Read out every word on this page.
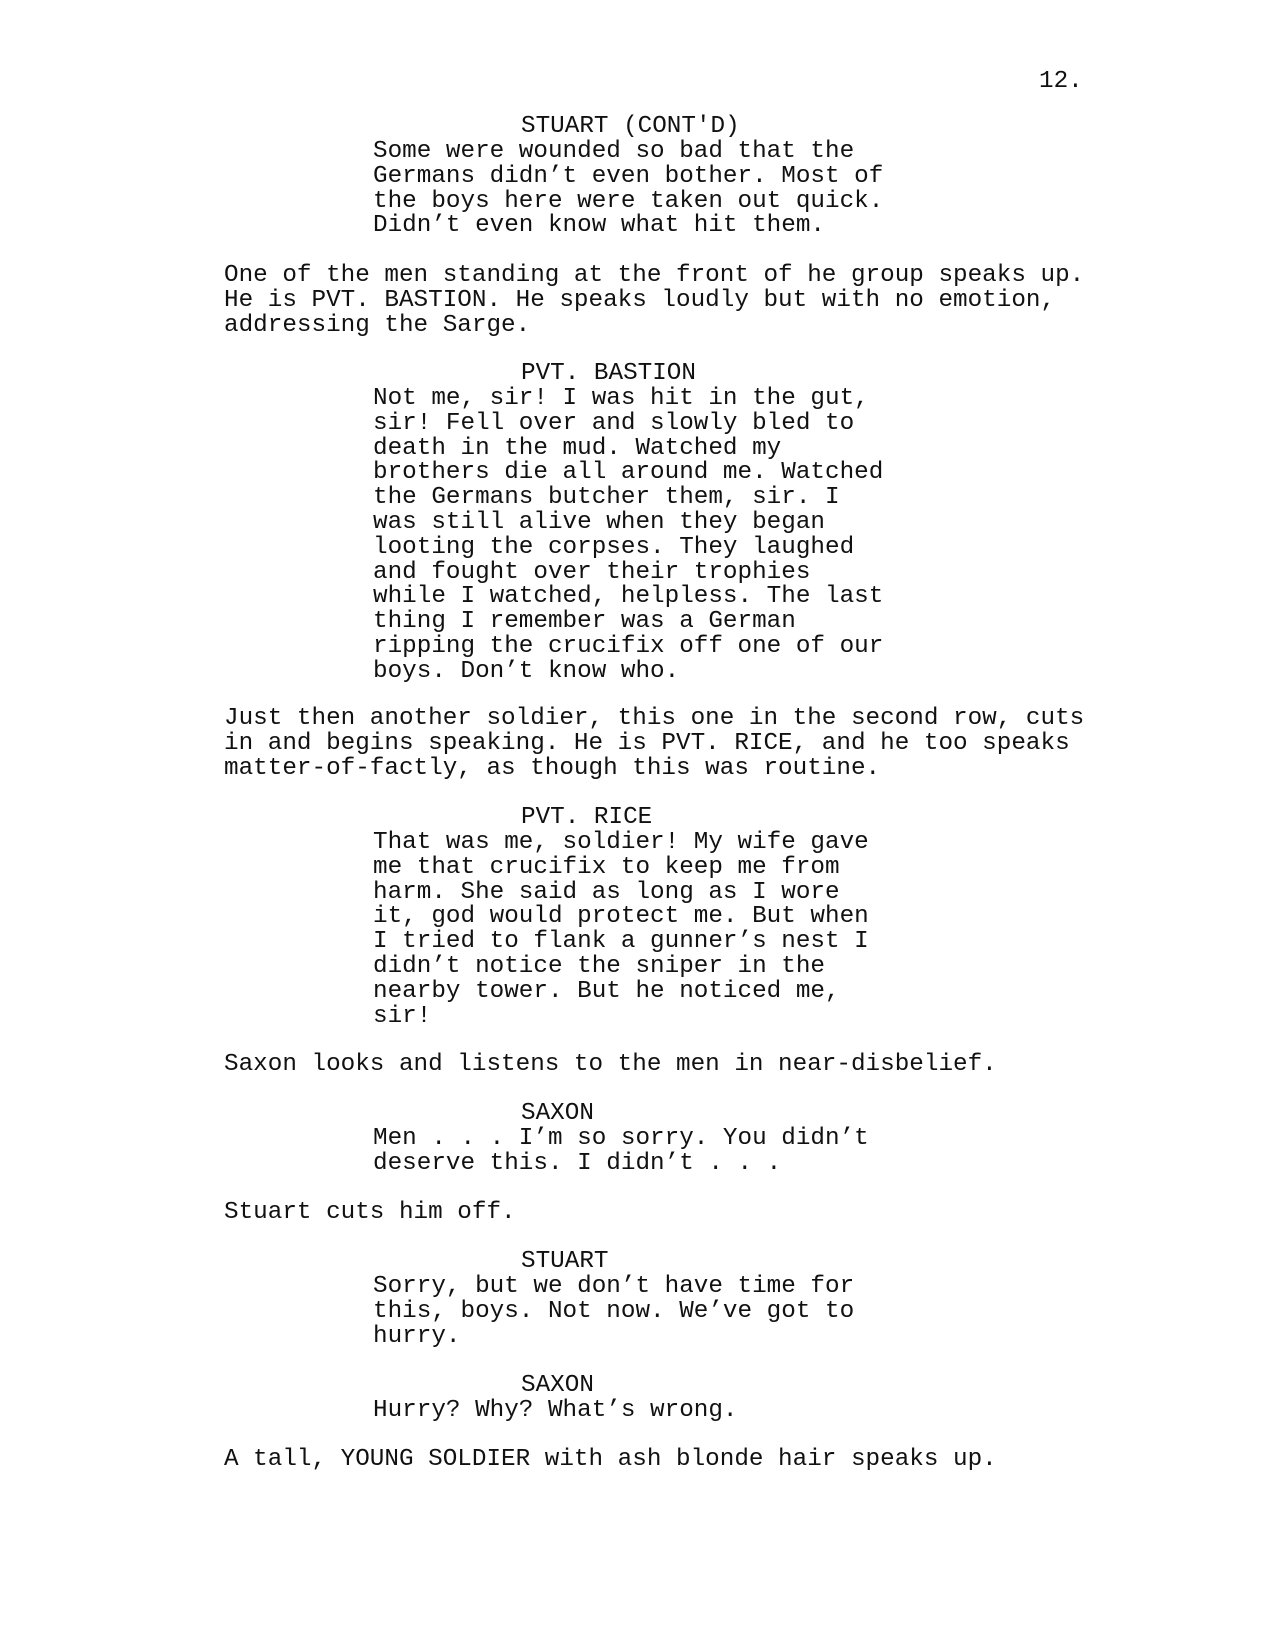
12.
STUART (CONT'D)
Some were wounded so bad that the
Germans didn’t even bother. Most of
the boys here were taken out quick.
Didn’t even know what hit them.
One of the men standing at the front of he group speaks up.
He is PVT. BASTION. He speaks loudly but with no emotion,
addressing the Sarge.
PVT. BASTION
Not me, sir! I was hit in the gut,
sir! Fell over and slowly bled to
death in the mud. Watched my
brothers die all around me. Watched
the Germans butcher them, sir. I
was still alive when they began
looting the corpses. They laughed
and fought over their trophies
while I watched, helpless. The last
thing I remember was a German
ripping the crucifix off one of our
boys. Don’t know who.
Just then another soldier, this one in the second row, cuts
in and begins speaking. He is PVT. RICE, and he too speaks
matter-of-factly, as though this was routine.
PVT. RICE
That was me, soldier! My wife gave
me that crucifix to keep me from
harm. She said as long as I wore
it, god would protect me. But when
I tried to flank a gunner’s nest I
didn’t notice the sniper in the
nearby tower. But he noticed me,
sir!
Saxon looks and listens to the men in near-disbelief.
SAXON
Men . . . I’m so sorry. You didn’t
deserve this. I didn’t . . .
Stuart cuts him off.
STUART
Sorry, but we don’t have time for
this, boys. Not now. We’ve got to
hurry.
SAXON
Hurry? Why? What’s wrong.
A tall, YOUNG SOLDIER with ash blonde hair speaks up.
